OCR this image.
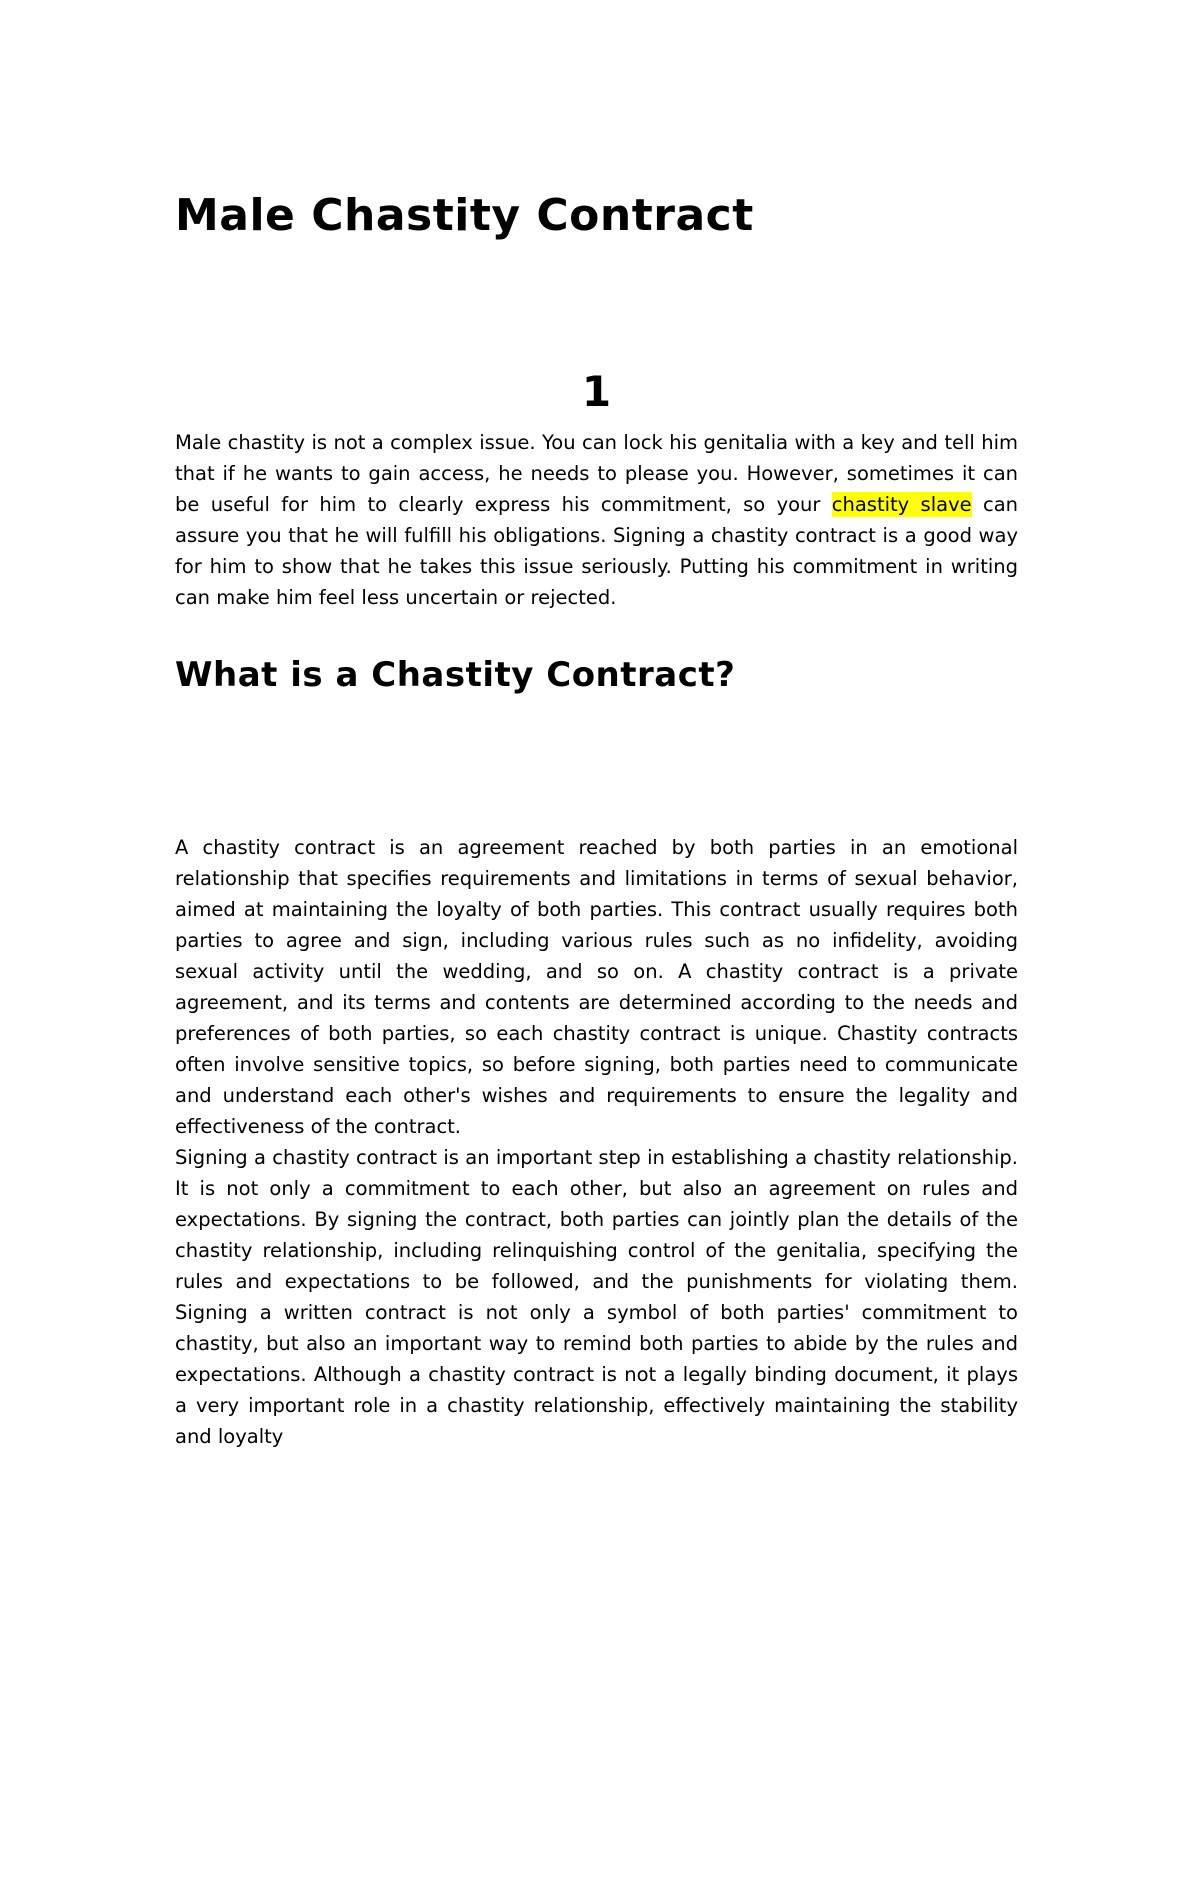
Male Chastity Contract
1

Male chastity is not a complex issue. You can lock his genitalia with a key and tell him that if he wants to gain access, he needs to please you. However, sometimes it can be useful for him to clearly express his commitment, so your chastity slave can assure you that he will fulfill his obligations. Signing a chastity contract is a good way for him to show that he takes this issue seriously. Putting his commitment in writing can make him feel less uncertain or rejected.

What is a Chastity Contract?

A chastity contract is an agreement reached by both parties in an emotional relationship that specifies requirements and limitations in terms of sexual behavior, aimed at maintaining the loyalty of both parties. This contract usually requires both parties to agree and sign, including various rules such as no infidelity, avoiding sexual activity until the wedding, and so on. A chastity contract is a private agreement, and its terms and contents are determined according to the needs and preferences of both parties, so each chastity contract is unique. Chastity contracts often involve sensitive topics, so before signing, both parties need to communicate and understand each other's wishes and requirements to ensure the legality and effectiveness of the contract.

Signing a chastity contract is an important step in establishing a chastity relationship. It is not only a commitment to each other, but also an agreement on rules and expectations. By signing the contract, both parties can jointly plan the details of the chastity relationship, including relinquishing control of the genitalia, specifying the rules and expectations to be followed, and the punishments for violating them. Signing a written contract is not only a symbol of both parties' commitment to chastity, but also an important way to remind both parties to abide by the rules and expectations. Although a chastity contract is not a legally binding document, it plays a very important role in a chastity relationship, effectively maintaining the stability and loyalty
